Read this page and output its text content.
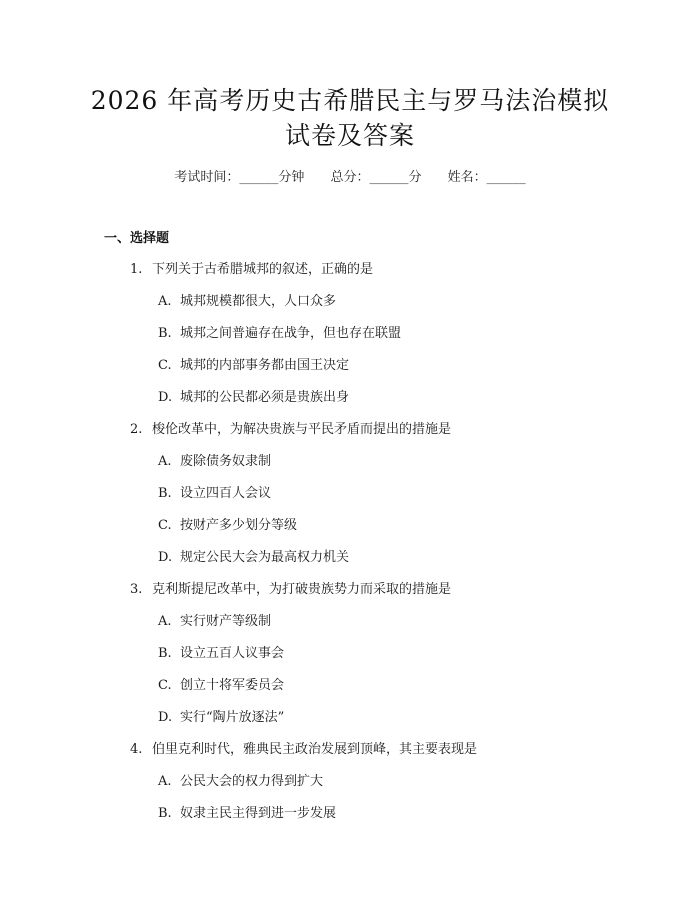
2026 年高考历史古希腊民主与罗马法治模拟
试卷及答案
考试时间：______分钟 总分：______分 姓名：______
一、选择题
1. 下列关于古希腊城邦的叙述，正确的是
A. 城邦规模都很大，人口众多
B. 城邦之间普遍存在战争，但也存在联盟
C. 城邦的内部事务都由国王决定
D. 城邦的公民都必须是贵族出身
2. 梭伦改革中，为解决贵族与平民矛盾而提出的措施是
A. 废除债务奴隶制
B. 设立四百人会议
C. 按财产多少划分等级
D. 规定公民大会为最高权力机关
3. 克利斯提尼改革中，为打破贵族势力而采取的措施是
A. 实行财产等级制
B. 设立五百人议事会
C. 创立十将军委员会
D. 实行“陶片放逐法”
4. 伯里克利时代，雅典民主政治发展到顶峰，其主要表现是
A. 公民大会的权力得到扩大
B. 奴隶主民主得到进一步发展
